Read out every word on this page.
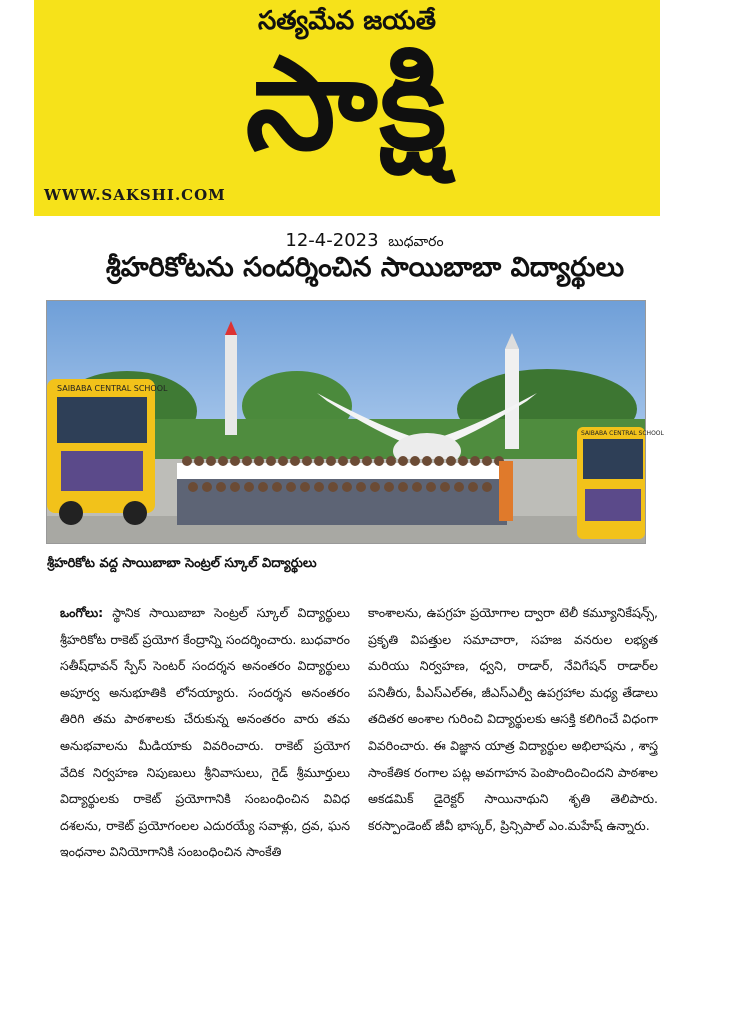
సత్యమేవ జయతే
సాక్షి
WWW.SAKSHI.COM
12-4-2023 బుధవారం
శ్రీహరికోటను సందర్శించిన సాయిబాబా విద్యార్థులు
SAIBABA CENTRAL SCHOOL
SAIBABA CENTRAL SCHOOL
శ్రీహరికోట వద్ద సాయిబాబా సెంట్రల్ స్కూల్ విద్యార్థులు

ఒంగోలు: స్థానిక సాయిబాబా సెంట్రల్ స్కూల్ విద్యార్థులు శ్రీహరికోట రాకెట్ ప్రయోగ కేంద్రాన్ని సందర్శించారు. బుధవారం సతీష్‌ధావన్ స్పేస్ సెంటర్ సందర్శన అనంతరం విద్యార్థులు అపూర్వ అనుభూతికి లోనయ్యారు. సందర్శన అనంతరం తిరిగి తమ పాఠశాలకు చేరుకున్న అనంతరం వారు తమ అనుభవాలను మీడియాకు వివరించారు. రాకెట్ ప్రయోగ వేదిక నిర్వహణ నిపుణులు శ్రీనివాసులు, గైడ్ శ్రీమూర్తులు విద్యార్థులకు రాకెట్ ప్రయోగానికి సంబంధించిన వివిధ దశలను, రాకెట్ ప్రయోగంలల ఎదురయ్యే సవాళ్లు, ద్రవ, ఘన ఇంధనాల వినియోగానికి సంబంధించిన సాంకేతి

కాంశాలను, ఉపగ్రహ ప్రయోగాల ద్వారా టెలీ కమ్యూనికేషన్స్, ప్రకృతి విపత్తుల సమాచారా, సహజ వనరుల లభ్యత మరియు నిర్వహణ, ధ్వని, రాడార్, నేవిగేషన్ రాడార్‌ల పనితీరు, పీఎస్ఎల్ఈ, జీఎస్ఎల్వీ ఉపగ్రహాల మధ్య తేడాలు తదితర అంశాల గురించి విద్యార్థులకు ఆసక్తి కలిగించే విధంగా వివరించారు. ఈ విజ్ఞాన యాత్ర విద్యార్థుల అభిలాషను , శాస్త్ర సాంకేతిక రంగాల పట్ల అవగాహన పెంపొందించిందని పాఠశాల అకడమిక్ డైరెక్టర్ సాయినాథుని శృతి తెలిపారు. కరస్పాండెంట్ జీవీ భాస్కర్, ప్రిన్సిపాల్ ఎం.మహేష్ ఉన్నారు.
